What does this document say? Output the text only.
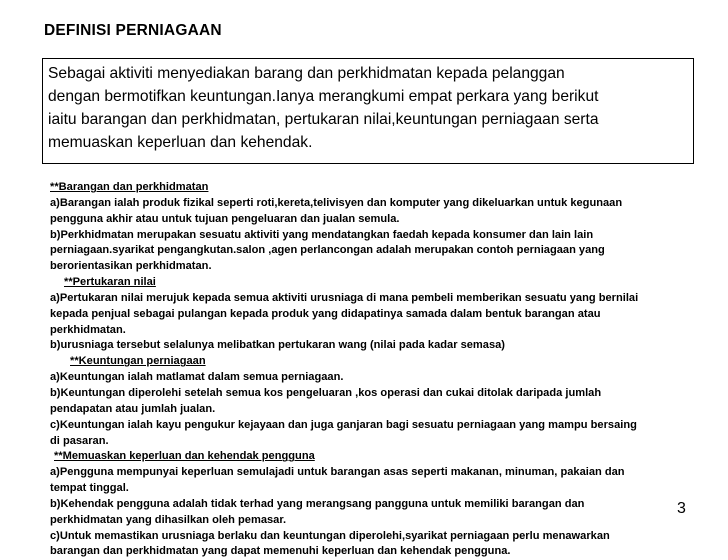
DEFINISI PERNIAGAAN
Sebagai aktiviti menyediakan barang dan perkhidmatan kepada pelanggan
dengan bermotifkan keuntungan.Ianya merangkumi empat perkara yang berikut
iaitu barangan dan perkhidmatan, pertukaran nilai,keuntungan perniagaan serta
memuaskan keperluan dan kehendak.
**Barangan dan perkhidmatan
a)Barangan ialah produk fizikal seperti roti,kereta,telivisyen dan komputer yang dikeluarkan untuk kegunaan
pengguna akhir atau untuk tujuan pengeluaran dan jualan semula.
b)Perkhidmatan merupakan sesuatu aktiviti yang mendatangkan faedah kepada konsumer dan lain lain
perniagaan.syarikat pengangkutan.salon ,agen perlancongan adalah merupakan contoh perniagaan yang
berorientasikan perkhidmatan.
**Pertukaran nilai
a)Pertukaran nilai merujuk kepada semua aktiviti urusniaga di mana pembeli memberikan sesuatu yang bernilai
kepada penjual sebagai pulangan kepada produk yang didapatinya samada dalam bentuk barangan atau
perkhidmatan.
b)urusniaga tersebut selalunya melibatkan pertukaran wang (nilai pada kadar semasa)
**Keuntungan perniagaan
a)Keuntungan ialah matlamat dalam semua perniagaan.
b)Keuntungan diperolehi setelah semua kos pengeluaran ,kos operasi dan cukai ditolak daripada jumlah
pendapatan atau jumlah jualan.
c)Keuntungan ialah kayu pengukur kejayaan dan juga ganjaran bagi sesuatu perniagaan yang mampu bersaing
di pasaran.
**Memuaskan keperluan dan kehendak pengguna
a)Pengguna mempunyai keperluan semulajadi untuk barangan asas seperti makanan, minuman, pakaian dan
tempat tinggal.
b)Kehendak pengguna adalah tidak terhad yang merangsang pangguna untuk memiliki barangan dan
perkhidmatan yang dihasilkan oleh pemasar.
c)Untuk memastikan urusniaga berlaku dan keuntungan diperolehi,syarikat perniagaan perlu menawarkan
barangan dan perkhidmatan yang dapat memenuhi keperluan dan kehendak pengguna.
3
